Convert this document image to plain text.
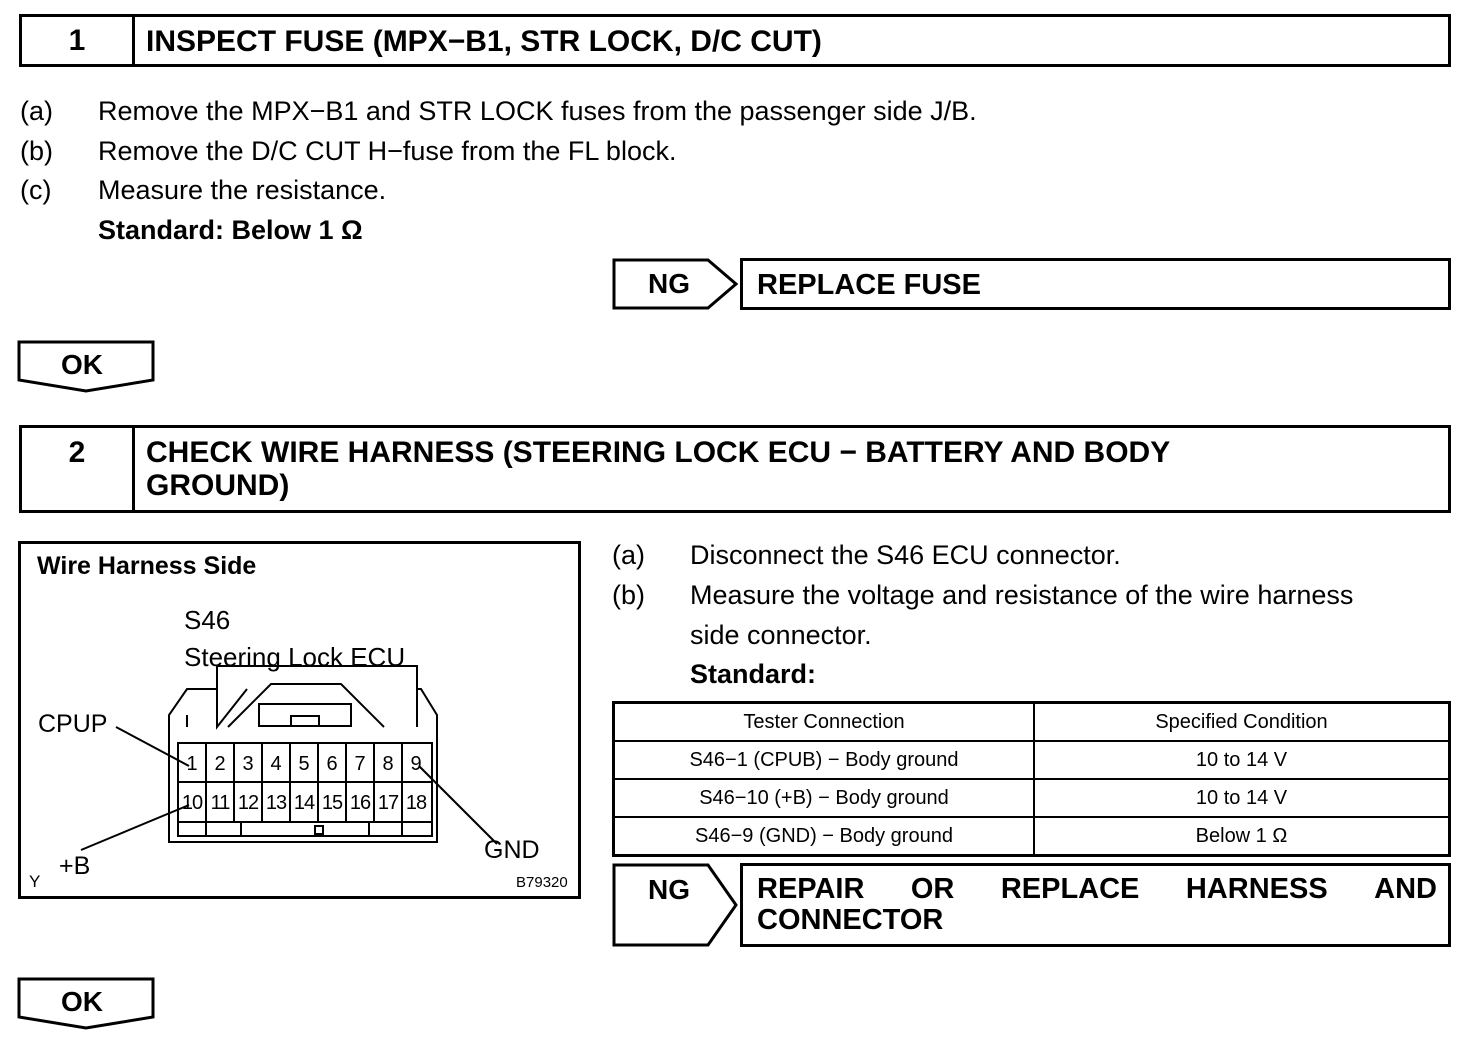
1	INSPECT FUSE (MPX−B1, STR LOCK, D/C CUT)
(a) Remove the MPX−B1 and STR LOCK fuses from the passenger side J/B.
(b) Remove the D/C CUT H−fuse from the FL block.
(c) Measure the resistance.
Standard: Below 1 Ω
NG REPLACE FUSE
OK
2	CHECK WIRE HARNESS (STEERING LOCK ECU − BATTERY AND BODY
GROUND)
Wire Harness Side
S46
Steering Lock ECU
CPUP
+B
GND
Y	B79320
1 2 3 4 5 6 7 8 9
10 11 12 13 14 15 16 17 18
(a) Disconnect the S46 ECU connector.
(b) Measure the voltage and resistance of the wire harness
side connector.
Standard:
Tester Connection	Specified Condition
S46−1 (CPUB) − Body ground	10 to 14 V
S46−10 (+B) − Body ground	10 to 14 V
S46−9 (GND) − Body ground	Below 1 Ω
NG REPAIR OR REPLACE HARNESS AND
CONNECTOR
OK
